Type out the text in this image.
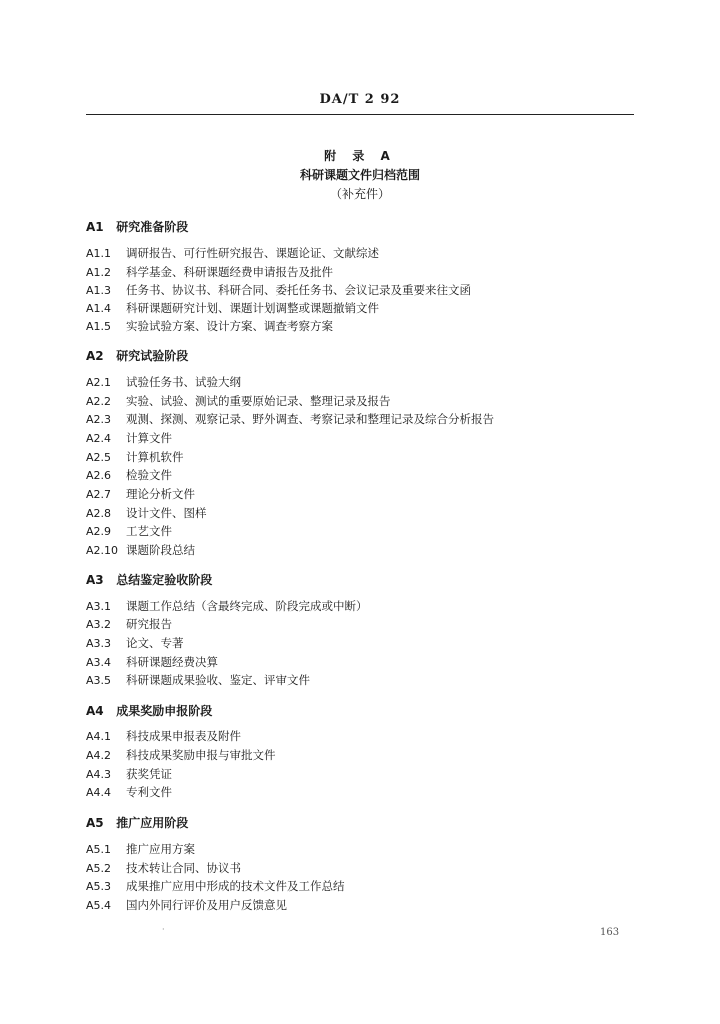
DA/T 2 92
附 录 A
科研课题文件归档范围
（补充件）
A1 研究准备阶段
A1.1 调研报告、可行性研究报告、课题论证、文献综述
A1.2 科学基金、科研课题经费申请报告及批件
A1.3 任务书、协议书、科研合同、委托任务书、会议记录及重要来往文函
A1.4 科研课题研究计划、课题计划调整或课题撤销文件
A1.5 实验试验方案、设计方案、调查考察方案
A2 研究试验阶段
A2.1 试验任务书、试验大纲
A2.2 实验、试验、测试的重要原始记录、整理记录及报告
A2.3 观测、探测、观察记录、野外调查、考察记录和整理记录及综合分析报告
A2.4 计算文件
A2.5 计算机软件
A2.6 检验文件
A2.7 理论分析文件
A2.8 设计文件、图样
A2.9 工艺文件
A2.10 课题阶段总结
A3 总结鉴定验收阶段
A3.1 课题工作总结（含最终完成、阶段完成或中断）
A3.2 研究报告
A3.3 论文、专著
A3.4 科研课题经费决算
A3.5 科研课题成果验收、鉴定、评审文件
A4 成果奖励申报阶段
A4.1 科技成果申报表及附件
A4.2 科技成果奖励申报与审批文件
A4.3 获奖凭证
A4.4 专利文件
A5 推广应用阶段
A5.1 推广应用方案
A5.2 技术转让合同、协议书
A5.3 成果推广应用中形成的技术文件及工作总结
A5.4 国内外同行评价及用户反馈意见
·	163
